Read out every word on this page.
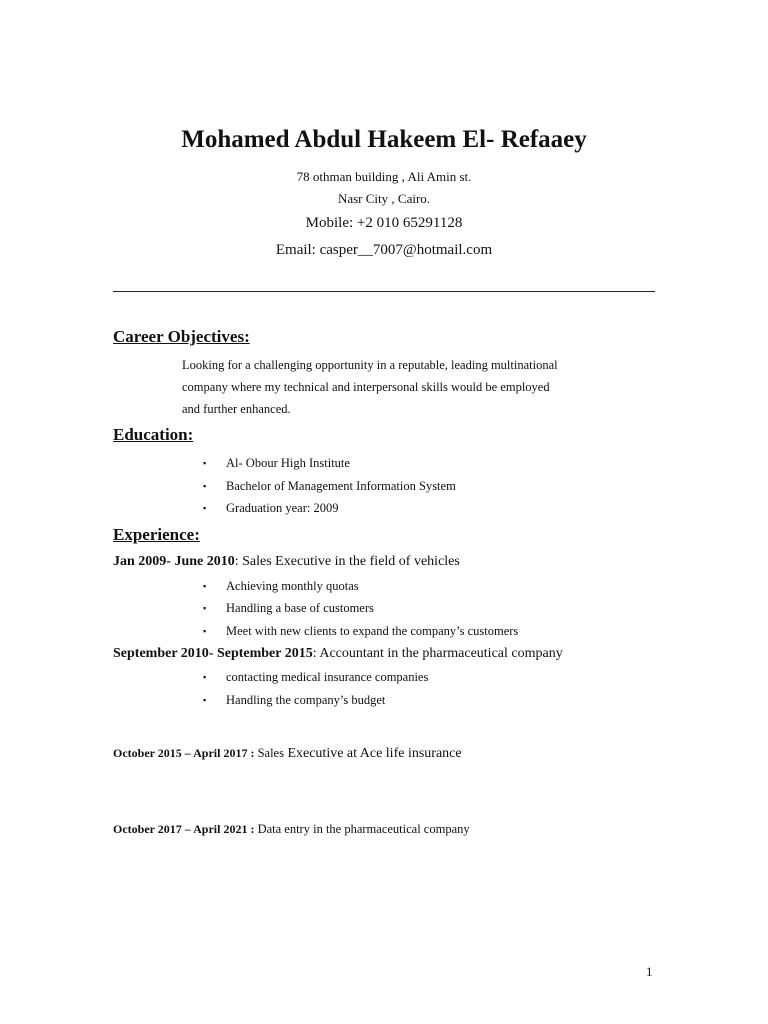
Mohamed Abdul Hakeem El- Refaaey
78 othman building , Ali Amin st.
Nasr City , Cairo.
Mobile: +2 010 65291128
Email: casper__7007@hotmail.com
Career Objectives:
Looking for a challenging opportunity in a reputable, leading multinational
company where my technical and interpersonal skills would be employed
and further enhanced.
Education:
▪ Al- Obour High Institute
▪ Bachelor of Management Information System
▪ Graduation year: 2009
Experience:
Jan 2009- June 2010: Sales Executive in the field of vehicles
▪ Achieving monthly quotas
▪ Handling a base of customers
▪ Meet with new clients to expand the company’s customers
September 2010- September 2015: Accountant in the pharmaceutical company
▪ contacting medical insurance companies
▪ Handling the company’s budget
October 2015 – April 2017 : Sales Executive at Ace life insurance
October 2017 – April 2021 : Data entry in the pharmaceutical company
1
